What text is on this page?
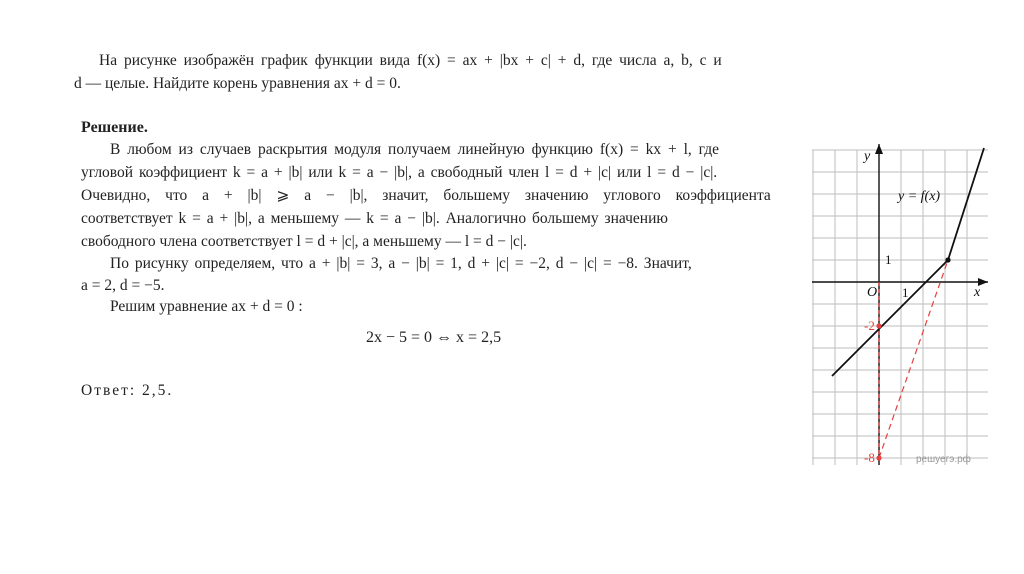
На рисунке изображён график функции вида f(x) = ax + |bx + c| + d, где числа a, b, c и
d — целые. Найдите корень уравнения ax + d = 0.
Решение.
В любом из случаев раскрытия модуля получаем линейную функцию f(x) = kx + l, где
угловой коэффициент k = a + |b| или k = a − |b|, а свободный член l = d + |c| или l = d − |c|.
Очевидно, что a + |b| ⩾ a − |b|, значит, большему значению углового коэффициента
соответствует k = a + |b|, а меньшему — k = a − |b|. Аналогично большему значению
свободного члена соответствует l = d + |c|, а меньшему — l = d − |c|.
По рисунку определяем, что a + |b| = 3, a − |b| = 1, d + |c| = −2, d − |c| = −8. Значит,
a = 2, d = −5.
Решим уравнение ax + d = 0 :
2x − 5 = 0 ⇔ x = 2,5
Ответ: 2,5.
y
x
O 1
1
y = f(x)
-2
-8	решуегэ.рф
